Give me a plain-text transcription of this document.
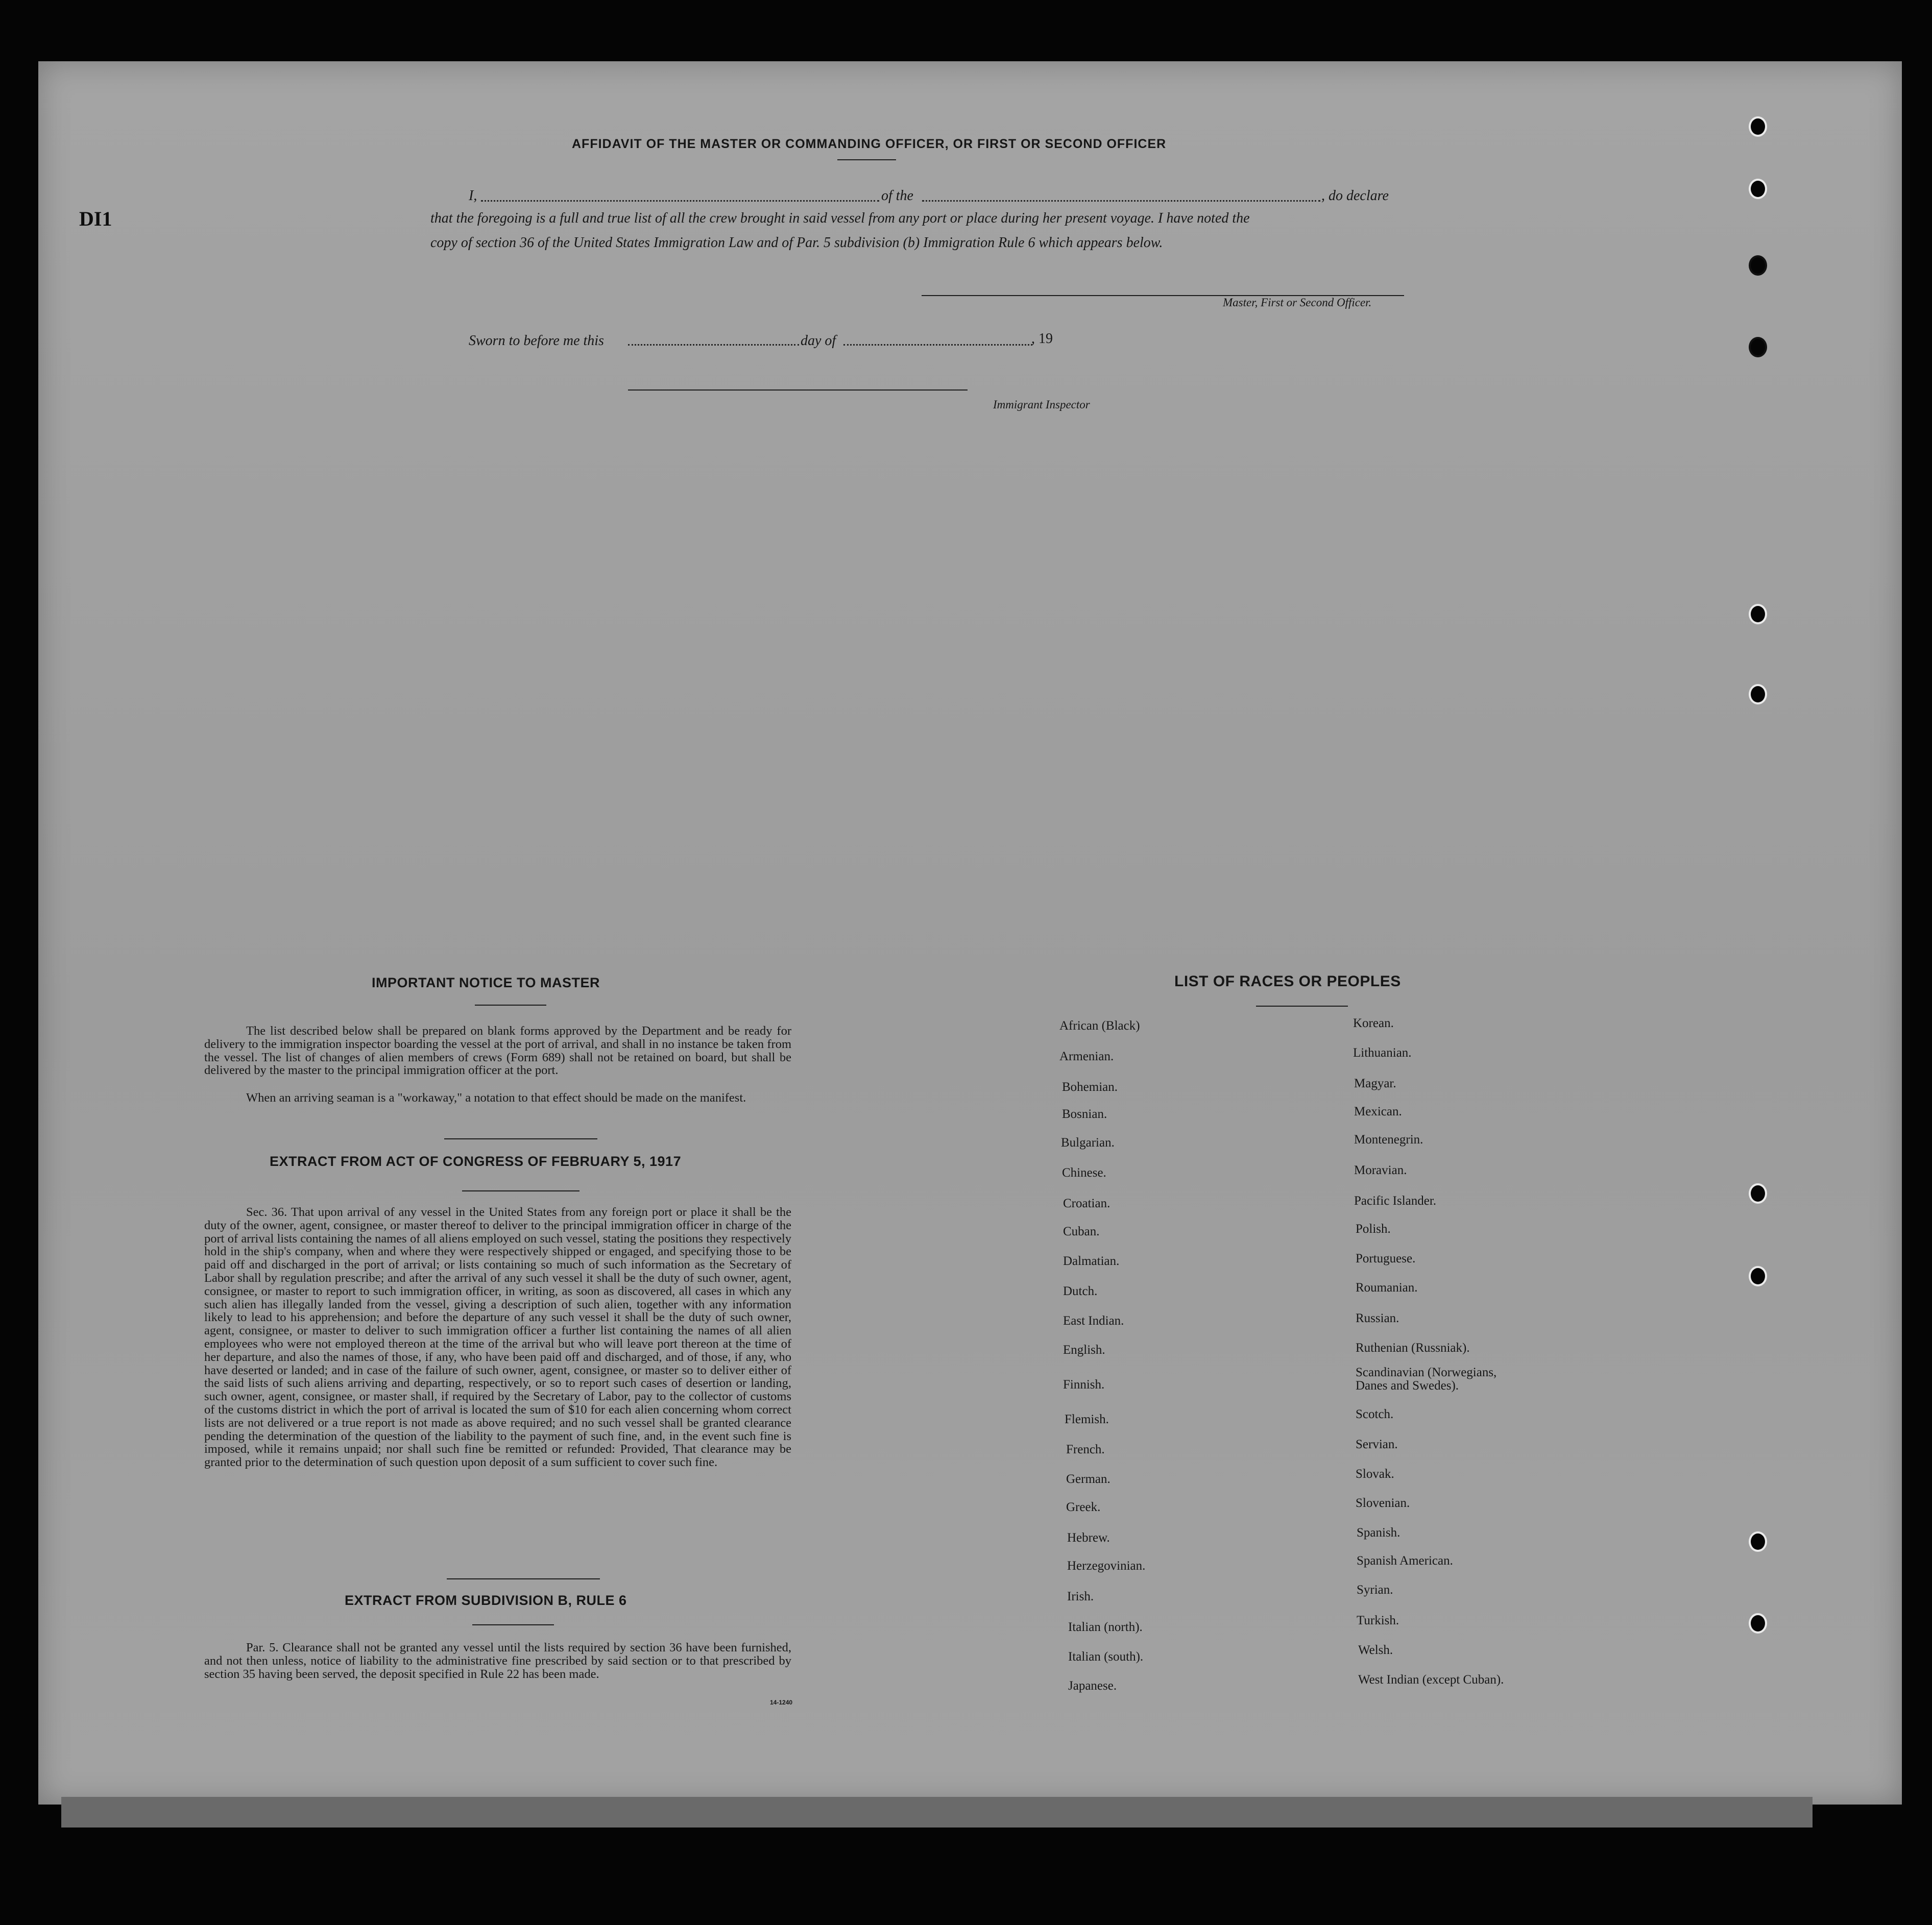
DI1
AFFIDAVIT OF THE MASTER OR COMMANDING OFFICER, OR FIRST OR SECOND OFFICER
I,	of the	, do declare
that the foregoing is a full and true list of all the crew brought in said vessel from any port or place during her present voyage. I have noted the
copy of section 36 of the United States Immigration Law and of Par. 5 subdivision (b) Immigration Rule 6 which appears below.
Master, First or Second Officer.
Sworn to before me this	day of	, 19
Immigrant Inspector
IMPORTANT NOTICE TO MASTER
The list described below shall be prepared on blank forms approved by the Department and be ready for delivery to the immigration inspector boarding the vessel at the port of arrival, and shall in no instance be taken from the vessel. The list of changes of alien members of crews (Form 689) shall not be retained on board, but shall be delivered by the master to the principal immigration officer at the port.
When an arriving seaman is a "workaway," a notation to that effect should be made on the manifest.
EXTRACT FROM ACT OF CONGRESS OF FEBRUARY 5, 1917
Sec. 36. That upon arrival of any vessel in the United States from any foreign port or place it shall be the duty of the owner, agent, consignee, or master thereof to deliver to the principal immigration officer in charge of the port of arrival lists containing the names of all aliens employed on such vessel, stating the positions they respectively hold in the ship's company, when and where they were respectively shipped or engaged, and specifying those to be paid off and discharged in the port of arrival; or lists containing so much of such information as the Secretary of Labor shall by regulation prescribe; and after the arrival of any such vessel it shall be the duty of such owner, agent, consignee, or master to report to such immigration officer, in writing, as soon as discovered, all cases in which any such alien has illegally landed from the vessel, giving a description of such alien, together with any information likely to lead to his apprehension; and before the departure of any such vessel it shall be the duty of such owner, agent, consignee, or master to deliver to such immigration officer a further list containing the names of all alien employees who were not employed thereon at the time of the arrival but who will leave port thereon at the time of her departure, and also the names of those, if any, who have been paid off and discharged, and of those, if any, who have deserted or landed; and in case of the failure of such owner, agent, consignee, or master so to deliver either of the said lists of such aliens arriving and departing, respectively, or so to report such cases of desertion or landing, such owner, agent, consignee, or master shall, if required by the Secretary of Labor, pay to the collector of customs of the customs district in which the port of arrival is located the sum of $10 for each alien concerning whom correct lists are not delivered or a true report is not made as above required; and no such vessel shall be granted clearance pending the determination of the question of the liability to the payment of such fine, and, in the event such fine is imposed, while it remains unpaid; nor shall such fine be remitted or refunded: Provided, That clearance may be granted prior to the determination of such question upon deposit of a sum sufficient to cover such fine.
EXTRACT FROM SUBDIVISION B, RULE 6
Par. 5. Clearance shall not be granted any vessel until the lists required by section 36 have been furnished, and not then unless, notice of liability to the administrative fine prescribed by said section or to that prescribed by section 35 having been served, the deposit specified in Rule 22 has been made.
14-1240
LIST OF RACES OR PEOPLES
African (Black)
Armenian.
Bohemian.
Bosnian.
Bulgarian.
Chinese.
Croatian.
Cuban.
Dalmatian.
Dutch.
East Indian.
English.
Finnish.
Flemish.
French.
German.
Greek.
Hebrew.
Herzegovinian.
Irish.
Italian (north).
Italian (south).
Japanese.
Korean.
Lithuanian.
Magyar.
Mexican.
Montenegrin.
Moravian.
Pacific Islander.
Polish.
Portuguese.
Roumanian.
Russian.
Ruthenian (Russniak).
Scandinavian (Norwegians,
Danes and Swedes).
Scotch.
Servian.
Slovak.
Slovenian.
Spanish.
Spanish American.
Syrian.
Turkish.
Welsh.
West Indian (except Cuban).
